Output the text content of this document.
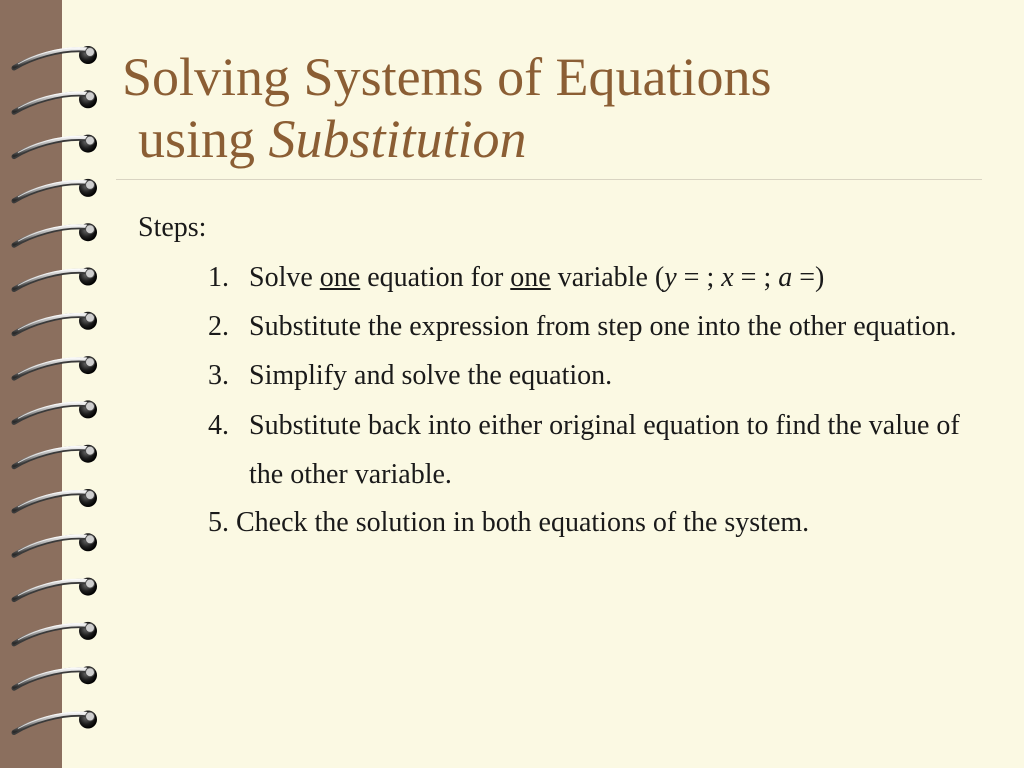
Solving Systems of Equations
using Substitution

Steps:

1. Solve one equation for one variable (y = ; x = ; a =)
2. Substitute the expression from step one into the other equation.
3. Simplify and solve the equation.
4. Substitute back into either original equation to find the value of the other variable.
5. Check the solution in both equations of the system.
